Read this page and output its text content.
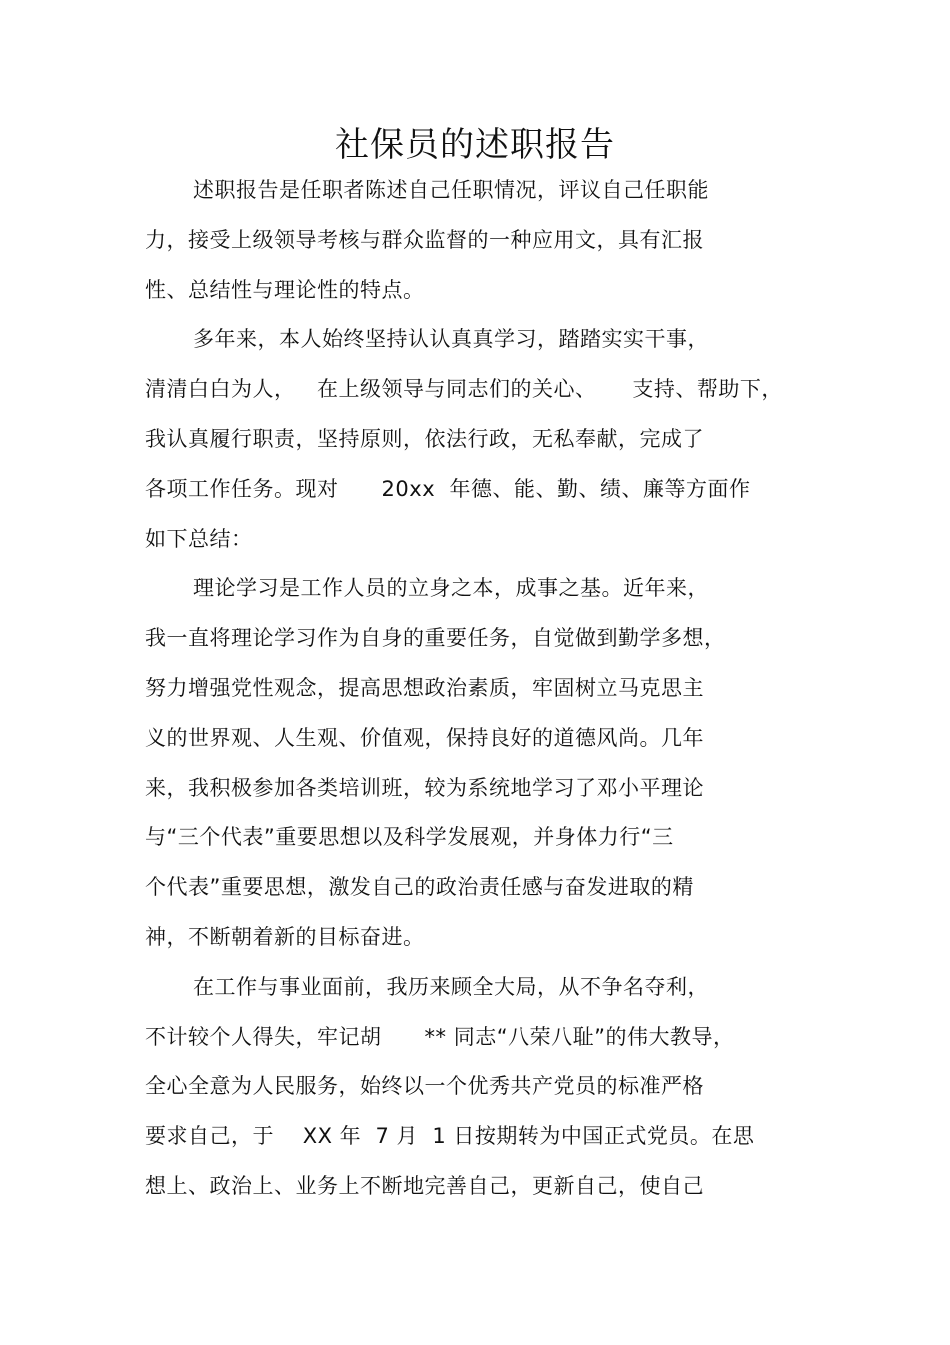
社保员的述职报告
述职报告是任职者陈述自己任职情况，评议自己任职能
力，接受上级领导考核与群众监督的一种应用文，具有汇报
性、总结性与理论性的特点。
多年来，本人始终坚持认认真真学习，踏踏实实干事，
清清白白为人，   在上级领导与同志们的关心、     支持、帮助下，
我认真履行职责，坚持原则，依法行政，无私奉献，完成了
各项工作任务。现对      20xx  年德、能、勤、绩、廉等方面作
如下总结：
理论学习是工作人员的立身之本，成事之基。近年来，
我一直将理论学习作为自身的重要任务，自觉做到勤学多想，
努力增强党性观念，提高思想政治素质，牢固树立马克思主
义的世界观、人生观、价值观，保持良好的道德风尚。几年
来，我积极参加各类培训班，较为系统地学习了邓小平理论
与“三个代表”重要思想以及科学发展观，并身体力行“三
个代表”重要思想，激发自己的政治责任感与奋发进取的精
神，不断朝着新的目标奋进。
在工作与事业面前，我历来顾全大局，从不争名夺利，
不计较个人得失，牢记胡      ** 同志“八荣八耻”的伟大教导，
全心全意为人民服务，始终以一个优秀共产党员的标准严格
要求自己，于    XX 年  7 月  1 日按期转为中国正式党员。在思
想上、政治上、业务上不断地完善自己，更新自己，使自己
